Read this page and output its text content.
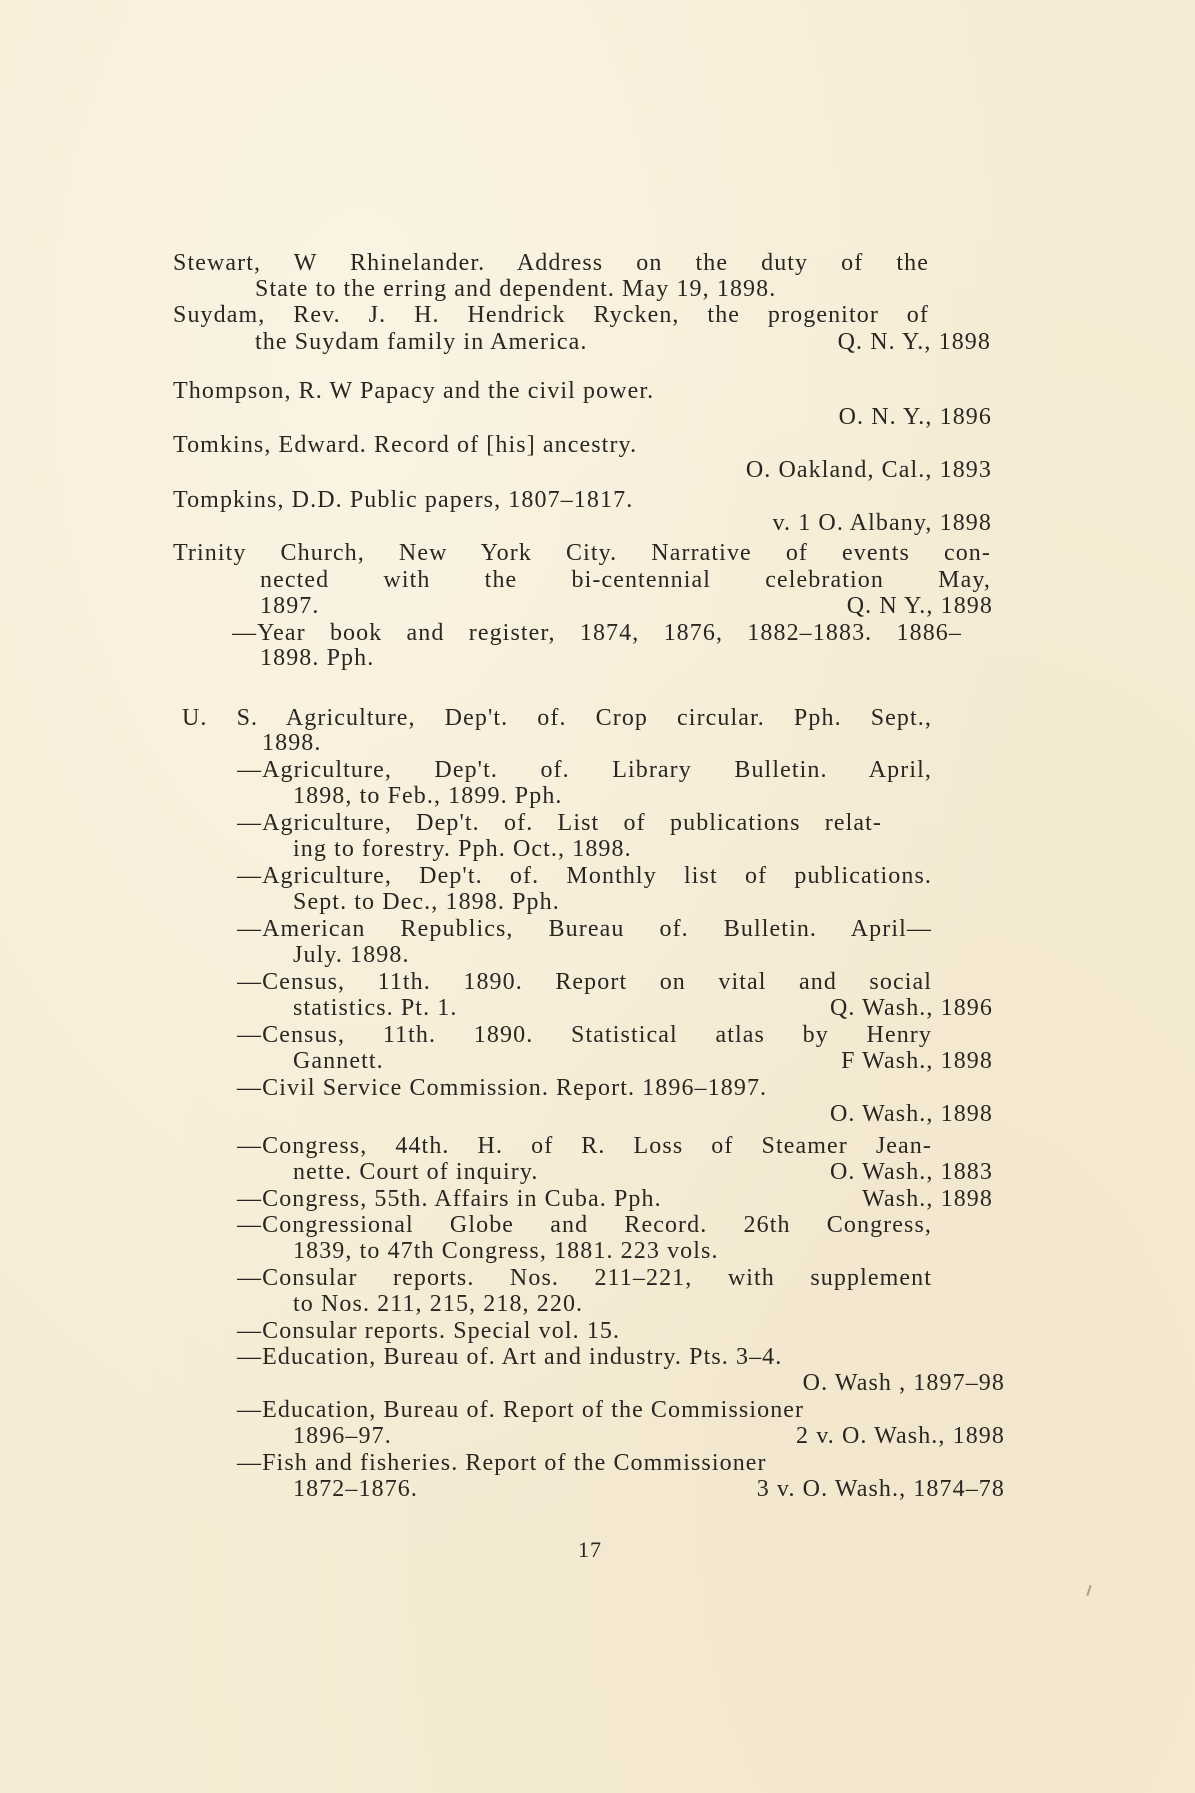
Stewart, W Rhinelander. Address on the duty of the
State to the erring and dependent. May 19, 1898.
Suydam, Rev. J. H. Hendrick Rycken, the progenitor of
the Suydam family in America.	Q. N. Y., 1898
Thompson, R. W Papacy and the civil power.
O. N. Y., 1896
Tomkins, Edward. Record of [his] ancestry.
O. Oakland, Cal., 1893
Tompkins, D.D. Public papers, 1807–1817.
v. 1 O. Albany, 1898
Trinity Church, New York City. Narrative of events con-
nected with the bi-centennial celebration May,
1897.	Q. N Y., 1898
—Year book and register, 1874, 1876, 1882–1883. 1886–
1898. Pph.
U. S. Agriculture, Dep't. of. Crop circular. Pph. Sept.,
1898.
—Agriculture, Dep't. of. Library Bulletin. April,
1898, to Feb., 1899. Pph.
—Agriculture, Dep't. of. List of publications relat-
ing to forestry. Pph. Oct., 1898.
—Agriculture, Dep't. of. Monthly list of publications.
Sept. to Dec., 1898. Pph.
—American Republics, Bureau of. Bulletin. April—
July. 1898.
—Census, 11th. 1890. Report on vital and social
statistics. Pt. 1.	Q. Wash., 1896
—Census, 11th. 1890. Statistical atlas by Henry
Gannett.	F Wash., 1898
—Civil Service Commission. Report. 1896–1897.
O. Wash., 1898
—Congress, 44th. H. of R. Loss of Steamer Jean-
nette. Court of inquiry.	O. Wash., 1883
—Congress, 55th. Affairs in Cuba. Pph.	Wash., 1898
—Congressional Globe and Record. 26th Congress,
1839, to 47th Congress, 1881. 223 vols.
—Consular reports. Nos. 211–221, with supplement
to Nos. 211, 215, 218, 220.
—Consular reports. Special vol. 15.
—Education, Bureau of. Art and industry. Pts. 3–4.
O. Wash , 1897–98
—Education, Bureau of. Report of the Commissioner
1896–97.	2 v. O. Wash., 1898
—Fish and fisheries. Report of the Commissioner
1872–1876.	3 v. O. Wash., 1874–78
17
